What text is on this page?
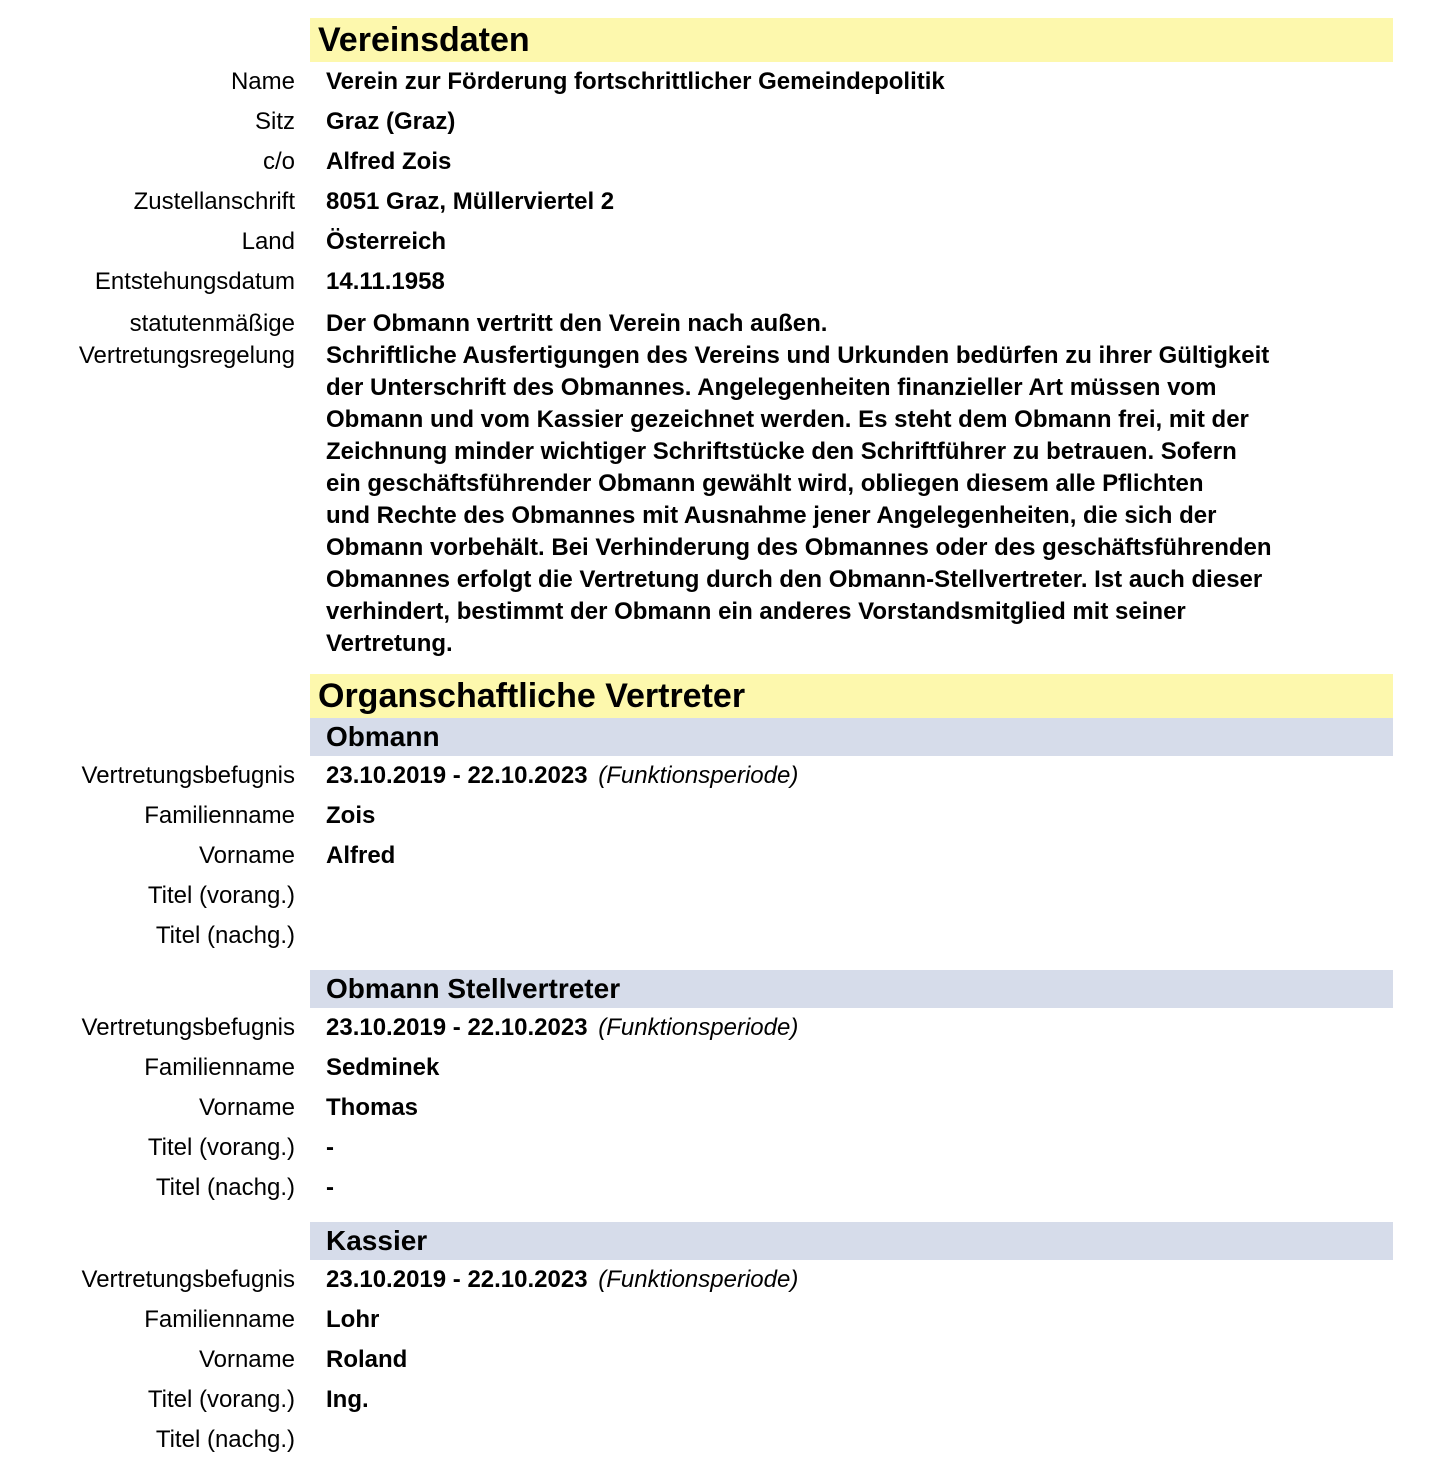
Vereinsdaten
Name Verein zur Förderung fortschrittlicher Gemeindepolitik
Sitz Graz (Graz)
c/o Alfred Zois
Zustellanschrift 8051 Graz, Müllerviertel 2
Land Österreich
Entstehungsdatum 14.11.1958
statutenmäßige
Vertretungsregelung
Der Obmann vertritt den Verein nach außen.
Schriftliche Ausfertigungen des Vereins und Urkunden bedürfen zu ihrer Gültigkeit
der Unterschrift des Obmannes. Angelegenheiten finanzieller Art müssen vom
Obmann und vom Kassier gezeichnet werden. Es steht dem Obmann frei, mit der
Zeichnung minder wichtiger Schriftstücke den Schriftführer zu betrauen. Sofern
ein geschäftsführender Obmann gewählt wird, obliegen diesem alle Pflichten
und Rechte des Obmannes mit Ausnahme jener Angelegenheiten, die sich der
Obmann vorbehält. Bei Verhinderung des Obmannes oder des geschäftsführenden
Obmannes erfolgt die Vertretung durch den Obmann-Stellvertreter. Ist auch dieser
verhindert, bestimmt der Obmann ein anderes Vorstandsmitglied mit seiner
Vertretung.
Organschaftliche Vertreter
Obmann
Vertretungsbefugnis 23.10.2019 - 22.10.2023 (Funktionsperiode)
Familienname Zois
Vorname Alfred
Titel (vorang.)
Titel (nachg.)
Obmann Stellvertreter
Vertretungsbefugnis 23.10.2019 - 22.10.2023 (Funktionsperiode)
Familienname Sedminek
Vorname Thomas
Titel (vorang.) -
Titel (nachg.) -
Kassier
Vertretungsbefugnis 23.10.2019 - 22.10.2023 (Funktionsperiode)
Familienname Lohr
Vorname Roland
Titel (vorang.) Ing.
Titel (nachg.)
